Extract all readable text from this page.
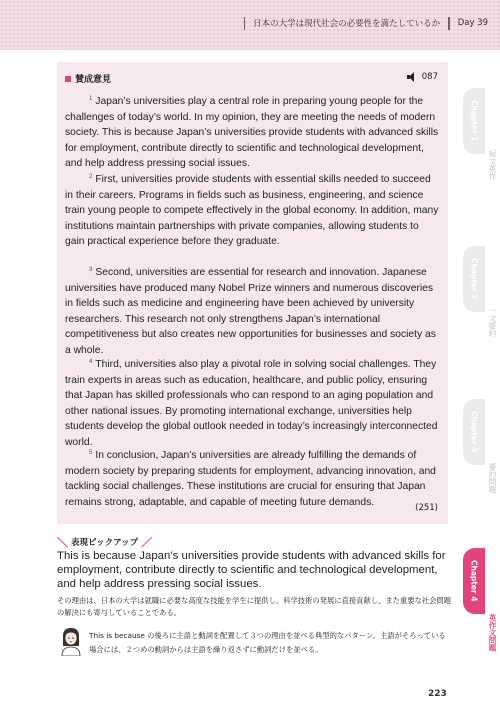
日本の大学は現代社会の必要性を満たしているか Day 39
Chapter 1
短文英作
Chapter 2
一文要約
Chapter 3
要約問題
Chapter 4
英作文問題
賛成意見	087

$^1$ Japan’s universities play a central role in preparing young people for the challenges of today’s world. In my opinion, they are meeting the needs of modern society. This is because Japan’s universities provide students with advanced skills for employment, contribute directly to scientific and technological development, and help address pressing social issues.

$^2$ First, universities provide students with essential skills needed to succeed in their careers. Programs in fields such as business, engineering, and science train young people to compete effectively in the global economy. In addition, many institutions maintain partnerships with private companies, allowing students to gain practical experience before they graduate.

$^3$ Second, universities are essential for research and innovation. Japanese universities have produced many Nobel Prize winners and numerous discoveries in fields such as medicine and engineering have been achieved by university researchers. This research not only strengthens Japan’s international competitiveness but also creates new opportunities for businesses and society as a whole.

$^4$ Third, universities also play a pivotal role in solving social challenges. They train experts in areas such as education, healthcare, and public policy, ensuring that Japan has skilled professionals who can respond to an aging population and other national issues. By promoting international exchange, universities help students develop the global outlook needed in today’s increasingly interconnected world.

$^5$ In conclusion, Japan’s universities are already fulfilling the demands of modern society by preparing students for employment, advancing innovation, and tackling social challenges. These institutions are crucial for ensuring that Japan remains strong, adaptable, and capable of meeting future demands.

(251)
＼ 表現ピックアップ ／
This is because Japan’s universities provide students with advanced skills for employment, contribute directly to scientific and technological development, and help address pressing social issues.
その理由は、日本の大学は就職に必要な高度な技能を学生に提供し、科学技術の発展に直接貢献し、また重要な社会問題の解決にも寄与していることである。
This is because の後ろに主語と動詞を配置して３つの理由を並べる典型的なパターン。主語がそろっている場合には、２つめの動詞からは主語を繰り返さずに動詞だけを並べる。
223
